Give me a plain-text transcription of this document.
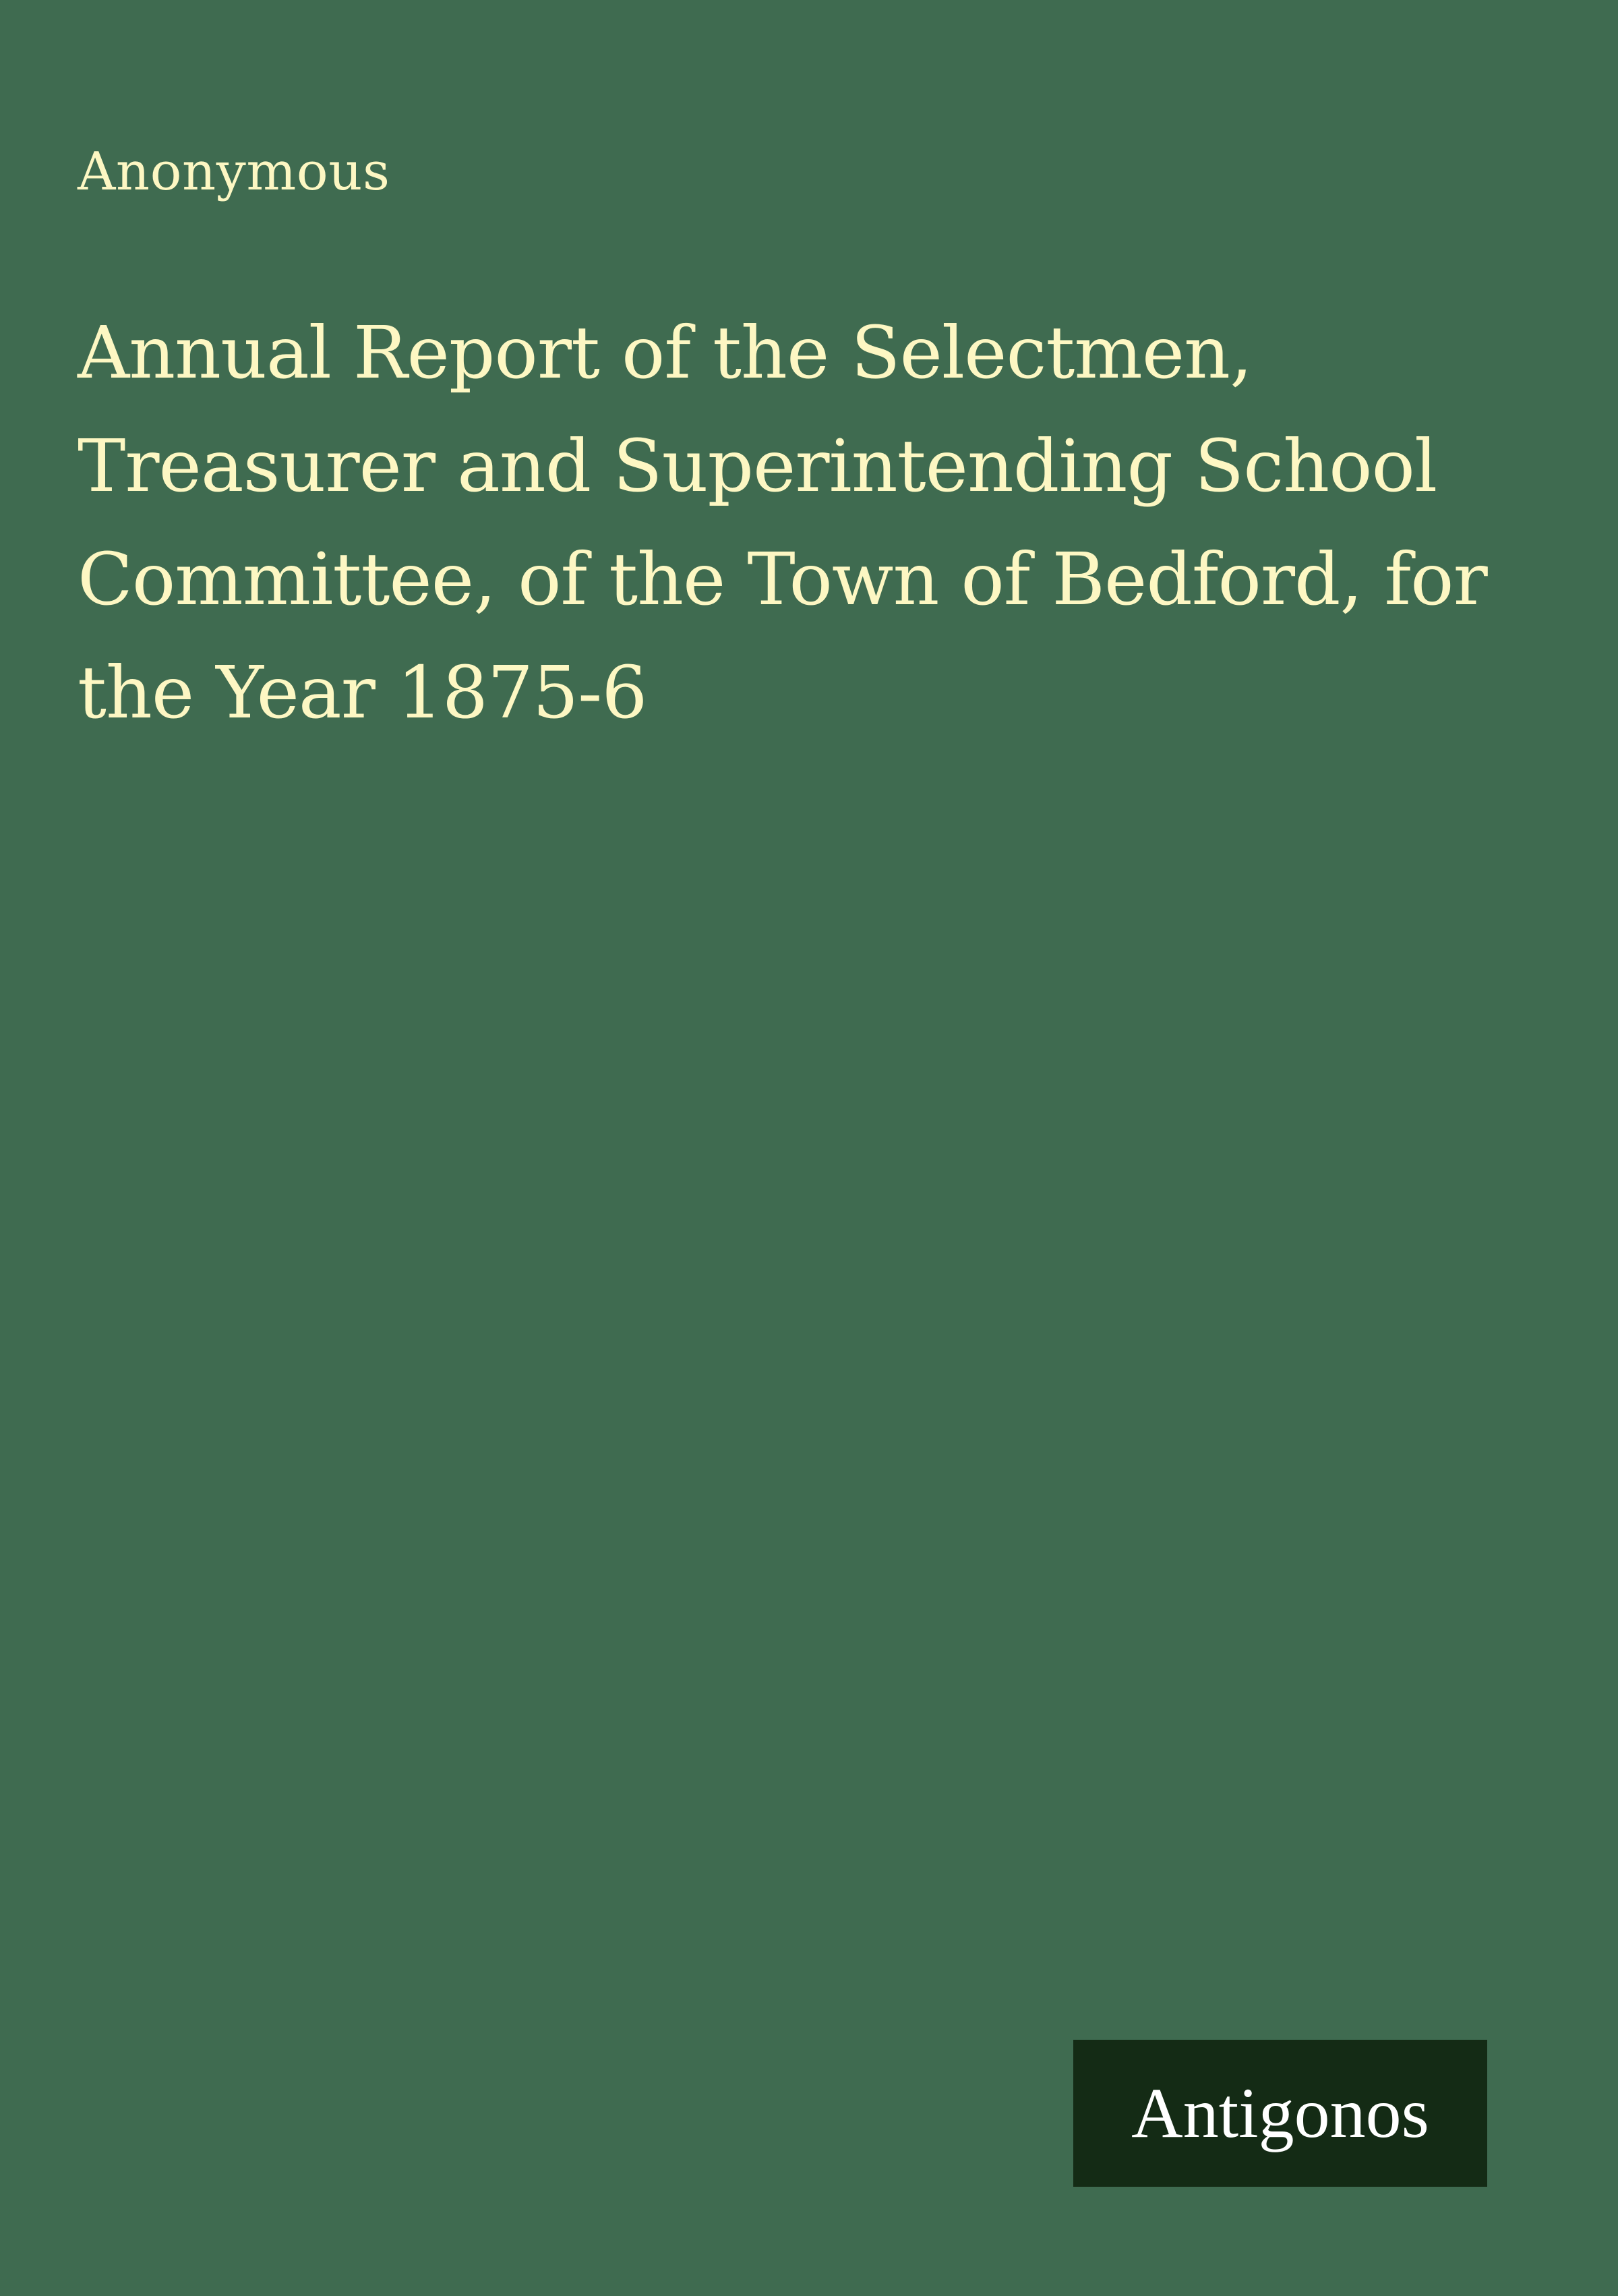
Anonymous
Annual Report of the Selectmen,
Treasurer and Superintending School
Committee, of the Town of Bedford, for
the Year 1875-6
Antigonos
